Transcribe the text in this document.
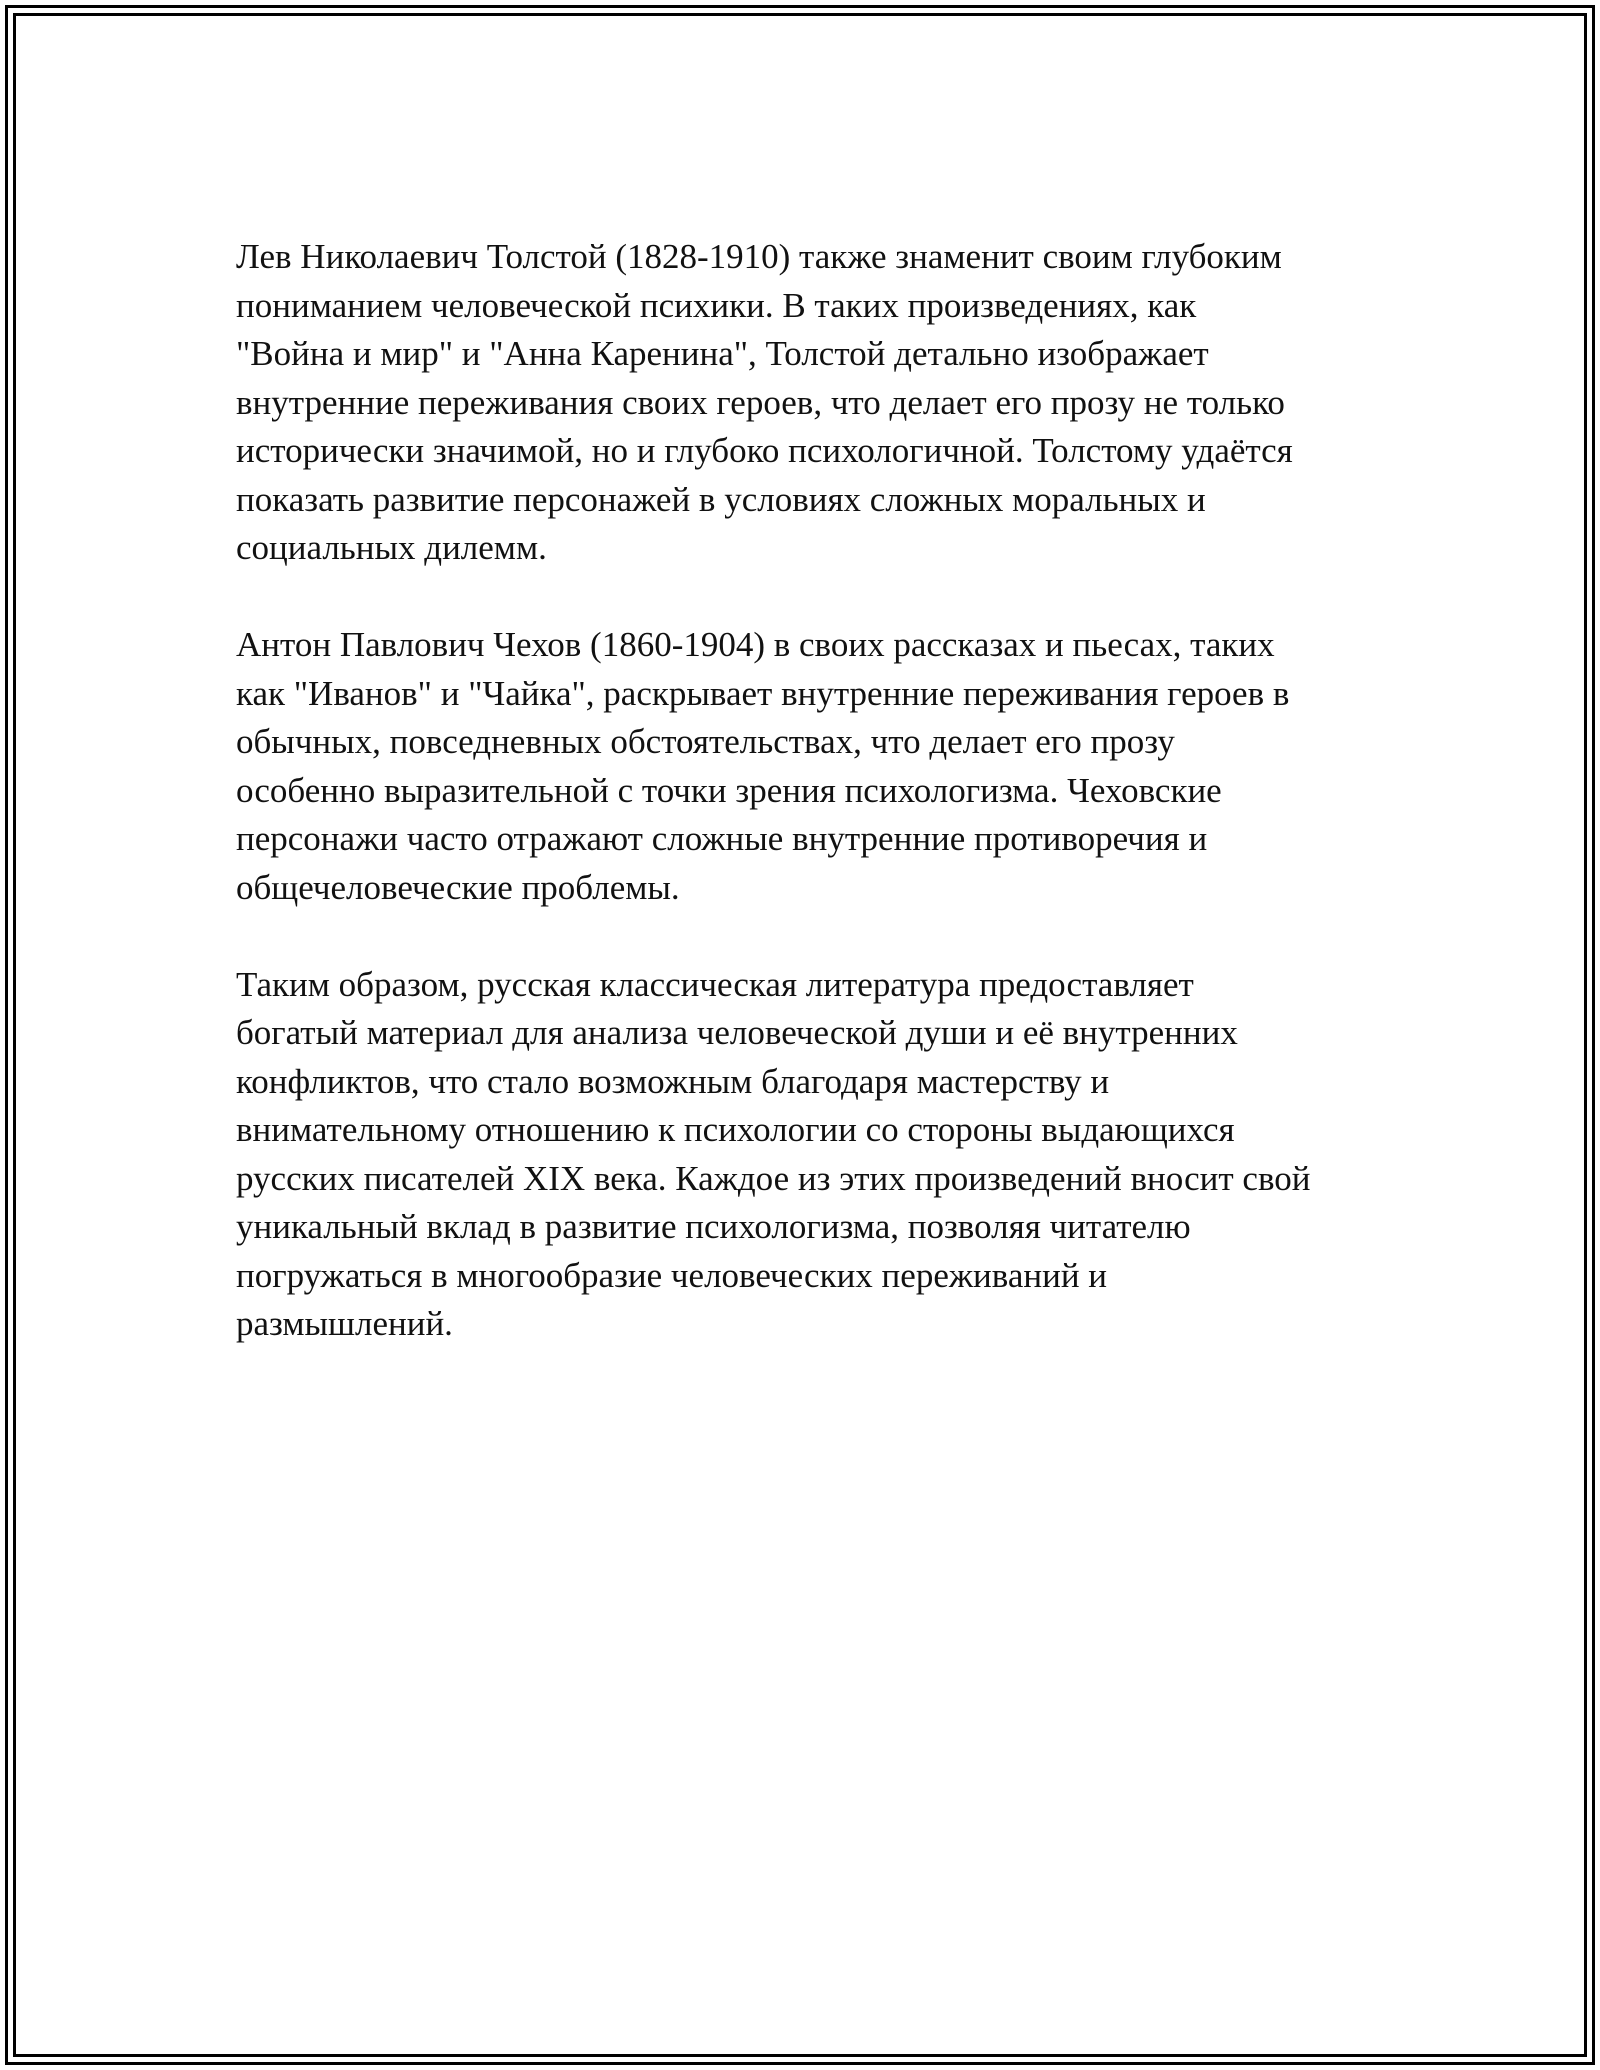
Лев Николаевич Толстой (1828-1910) также знаменит своим глубоким
пониманием человеческой психики. В таких произведениях, как
"Война и мир" и "Анна Каренина", Толстой детально изображает
внутренние переживания своих героев, что делает его прозу не только
исторически значимой, но и глубоко психологичной. Толстому удаётся
показать развитие персонажей в условиях сложных моральных и
социальных дилемм.

Антон Павлович Чехов (1860-1904) в своих рассказах и пьесах, таких
как "Иванов" и "Чайка", раскрывает внутренние переживания героев в
обычных, повседневных обстоятельствах, что делает его прозу
особенно выразительной с точки зрения психологизма. Чеховские
персонажи часто отражают сложные внутренние противоречия и
общечеловеческие проблемы.

Таким образом, русская классическая литература предоставляет
богатый материал для анализа человеческой души и её внутренних
конфликтов, что стало возможным благодаря мастерству и
внимательному отношению к психологии со стороны выдающихся
русских писателей XIX века. Каждое из этих произведений вносит свой
уникальный вклад в развитие психологизма, позволяя читателю
погружаться в многообразие человеческих переживаний и
размышлений.
